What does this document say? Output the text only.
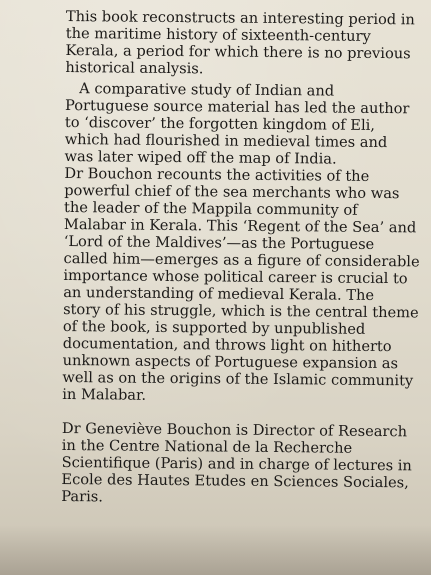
This book reconstructs an interesting period in
the maritime history of sixteenth-century
Kerala, a period for which there is no previous
historical analysis.
A comparative study of Indian and
Portuguese source material has led the author
to ‘discover’ the forgotten kingdom of Eli,
which had flourished in medieval times and
was later wiped off the map of India.
Dr Bouchon recounts the activities of the
powerful chief of the sea merchants who was
the leader of the Mappila community of
Malabar in Kerala. This ‘Regent of the Sea’ and
‘Lord of the Maldives’—as the Portuguese
called him—emerges as a figure of considerable
importance whose political career is crucial to
an understanding of medieval Kerala. The
story of his struggle, which is the central theme
of the book, is supported by unpublished
documentation, and throws light on hitherto
unknown aspects of Portuguese expansion as
well as on the origins of the Islamic community
in Malabar.
Dr Geneviève Bouchon is Director of Research
in the Centre National de la Recherche
Scientifique (Paris) and in charge of lectures in
Ecole des Hautes Etudes en Sciences Sociales,
Paris.
